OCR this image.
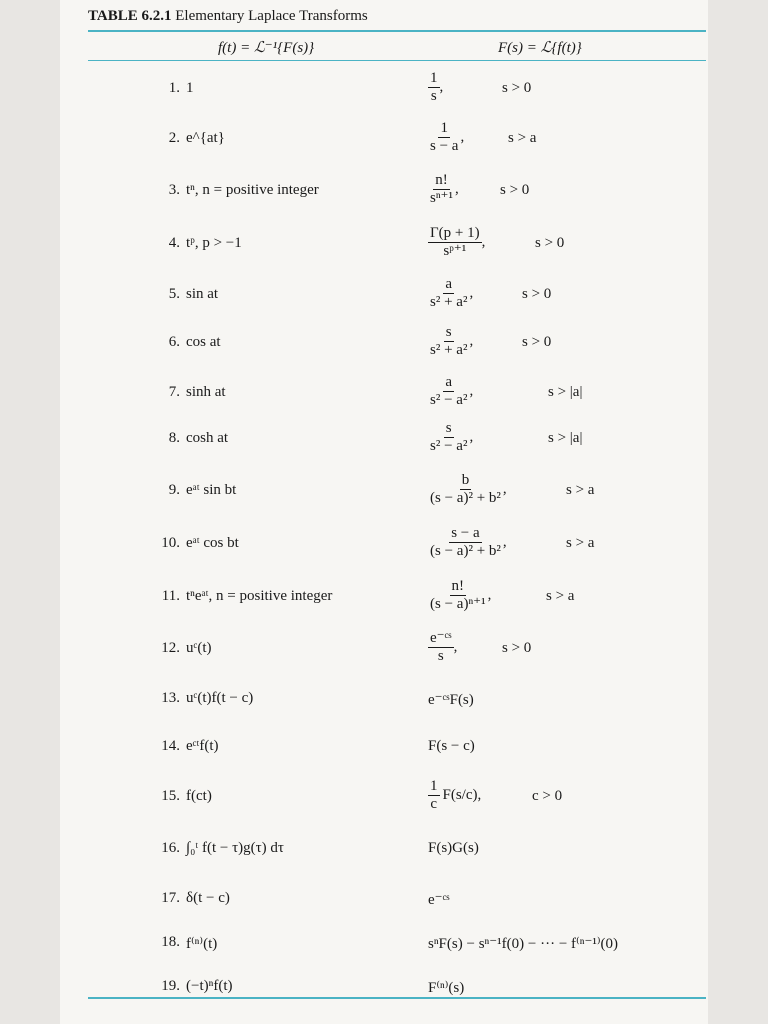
TABLE 6.2.1 Elementary Laplace Transforms
f(t) = ℒ⁻¹{F(s)}	F(s) = ℒ{f(t)}
1. 1	$\frac{1}{s}$ ,	s > 0
2. e^{at}	$\frac{1}{s - a}$ ,	s > a
3. tⁿ, n = positive integer	$\frac{n!}{\text{sⁿ⁺¹}}$ ,	s > 0
4. tᵖ, p > −1	$\frac{\Gamma(p + 1)}{\text{sᵖ⁺¹}}$ ,	s > 0
5. sin at	$\frac{a}{\text{s² + a²}}$ ,	s > 0
6. cos at	$\frac{s}{\text{s² + a²}}$ ,	s > 0
7. sinh at	$\frac{a}{\text{s² − a²}}$ ,	s > |a|
8. cosh at	$\frac{s}{\text{s² − a²}}$ ,	s > |a|
9. eᵃᵗ sin bt	$\frac{b}{\text{(s − a)² + b²}}$ ,	s > a
10. eᵃᵗ cos bt	$\frac{s - a}{\text{(s − a)² + b²}}$ ,	s > a
11. tⁿeᵃᵗ, n = positive integer	$\frac{n!}{\text{(s − a)ⁿ⁺¹}}$ ,	s > a
12. uᶜ(t)	$\frac{\text{e⁻ᶜˢ}}{s}$ ,	s > 0
13. uᶜ(t)f(t − c)	e⁻ᶜˢF(s)
14. eᶜᵗf(t)	F(s − c)
15. f(ct)	$\frac{1}{c} F(s/c)$,	c > 0
16. ∫₀ᵗ f(t − τ)g(τ) dτ	F(s)G(s)
17. δ(t − c)	e⁻ᶜˢ
18. f⁽ⁿ⁾(t)	sⁿF(s) − sⁿ⁻¹f(0) − ··· − f⁽ⁿ⁻¹⁾(0)
19. (−t)ⁿf(t)	F⁽ⁿ⁾(s)
